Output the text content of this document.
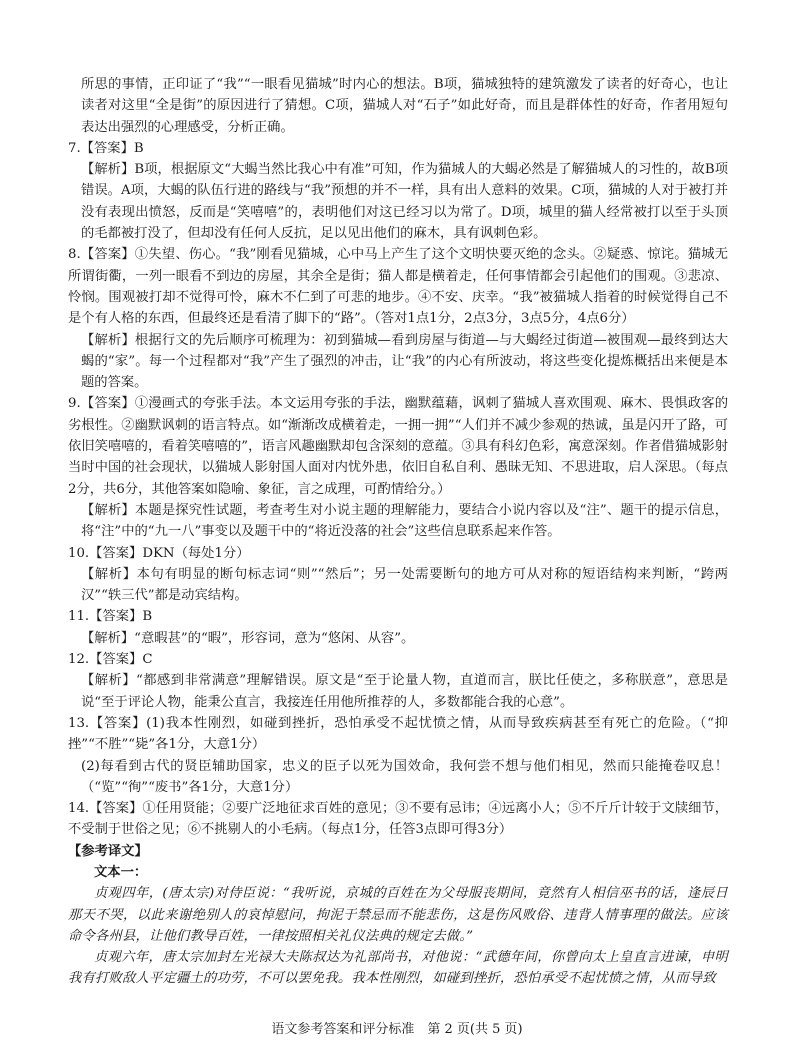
所思的事情，正印证了“我”“一眼看见猫城”时内心的想法。B项，猫城独特的建筑激发了读者的好奇心，也让读者对这里“全是街”的原因进行了猜想。C项，猫城人对“石子”如此好奇，而且是群体性的好奇，作者用短句表达出强烈的心理感受，分析正确。

7.【答案】B

【解析】B项，根据原文“大蝎当然比我心中有准”可知，作为猫城人的大蝎必然是了解猫城人的习性的，故B项错误。A项，大蝎的队伍行进的路线与“我”预想的并不一样，具有出人意料的效果。C项，猫城的人对于被打并没有表现出愤怒，反而是“笑嘻嘻”的，表明他们对这已经习以为常了。D项，城里的猫人经常被打以至于头顶的毛都被打没了，但却没有任何人反抗，足以见出他们的麻木，具有讽刺色彩。

8.【答案】①失望、伤心。“我”刚看见猫城，心中马上产生了这个文明快要灭绝的念头。②疑惑、惊诧。猫城无所谓街衢，一列一眼看不到边的房屋，其余全是街；猫人都是横着走，任何事情都会引起他们的围观。③悲凉、怜悯。围观被打却不觉得可怜，麻木不仁到了可悲的地步。④不安、庆幸。“我”被猫城人指着的时候觉得自己不是个有人格的东西，但最终还是看清了脚下的“路”。（答对1点1分，2点3分，3点5分，4点6分）

【解析】根据行文的先后顺序可梳理为：初到猫城—看到房屋与街道—与大蝎经过街道—被围观—最终到达大蝎的“家”。每一个过程都对“我”产生了强烈的冲击，让“我”的内心有所波动，将这些变化提炼概括出来便是本题的答案。

9.【答案】①漫画式的夸张手法。本文运用夸张的手法，幽默蕴藉，讽刺了猫城人喜欢围观、麻木、畏惧政客的劣根性。②幽默讽刺的语言特点。如“渐渐改成横着走，一拥一拥”“人们并不减少参观的热诚，虽是闪开了路，可依旧笑嘻嘻的，看着笑嘻嘻的”，语言风趣幽默却包含深刻的意蕴。③具有科幻色彩，寓意深刻。作者借猫城影射当时中国的社会现状，以猫城人影射国人面对内忧外患，依旧自私自利、愚昧无知、不思进取，启人深思。（每点2分，共6分，其他答案如隐喻、象征，言之成理，可酌情给分。）

【解析】本题是探究性试题，考查考生对小说主题的理解能力，要结合小说内容以及“注”、题干的提示信息，将“注”中的“九一八”事变以及题干中的“将近没落的社会”这些信息联系起来作答。

10.【答案】DKN（每处1分）

【解析】本句有明显的断句标志词“则”“然后”；另一处需要断句的地方可从对称的短语结构来判断，“跨两汉”“轶三代”都是动宾结构。

11.【答案】B

【解析】“意暇甚”的“暇”，形容词，意为“悠闲、从容”。

12.【答案】C

【解析】“都感到非常满意”理解错误。原文是“至于论量人物，直道而言，朕比任使之，多称朕意”，意思是说“至于评论人物，能秉公直言，我接连任用他所推荐的人，多数都能合我的心意”。

13.【答案】(1)我本性刚烈，如碰到挫折，恐怕承受不起忧愤之情，从而导致疾病甚至有死亡的危险。（“抑挫”“不胜”“毙”各1分，大意1分）

(2)每看到古代的贤臣辅助国家，忠义的臣子以死为国效命，我何尝不想与他们相见，然而只能掩卷叹息！（“览”“徇”“废书”各1分，大意1分）

14.【答案】①任用贤能；②要广泛地征求百姓的意见；③不要有忌讳；④远离小人；⑤不斤斤计较于文牍细节，不受制于世俗之见；⑥不挑剔人的小毛病。（每点1分，任答3点即可得3分）

【参考译文】

文本一：

贞观四年，(唐太宗)对侍臣说：“我听说，京城的百姓在为父母服丧期间，竟然有人相信巫书的话，逢辰日那天不哭，以此来谢绝别人的哀悼慰问，拘泥于禁忌而不能悲伤，这是伤风败俗、违背人情事理的做法。应该命令各州县，让他们教导百姓，一律按照相关礼仪法典的规定去做。”

贞观六年，唐太宗加封左光禄大夫陈叔达为礼部尚书，对他说：“武德年间，你曾向太上皇直言进谏，申明我有打败敌人平定疆土的功劳，不可以罢免我。我本性刚烈，如碰到挫折，恐怕承受不起忧愤之情，从而导致

语文参考答案和评分标准　第 2 页(共 5 页)
